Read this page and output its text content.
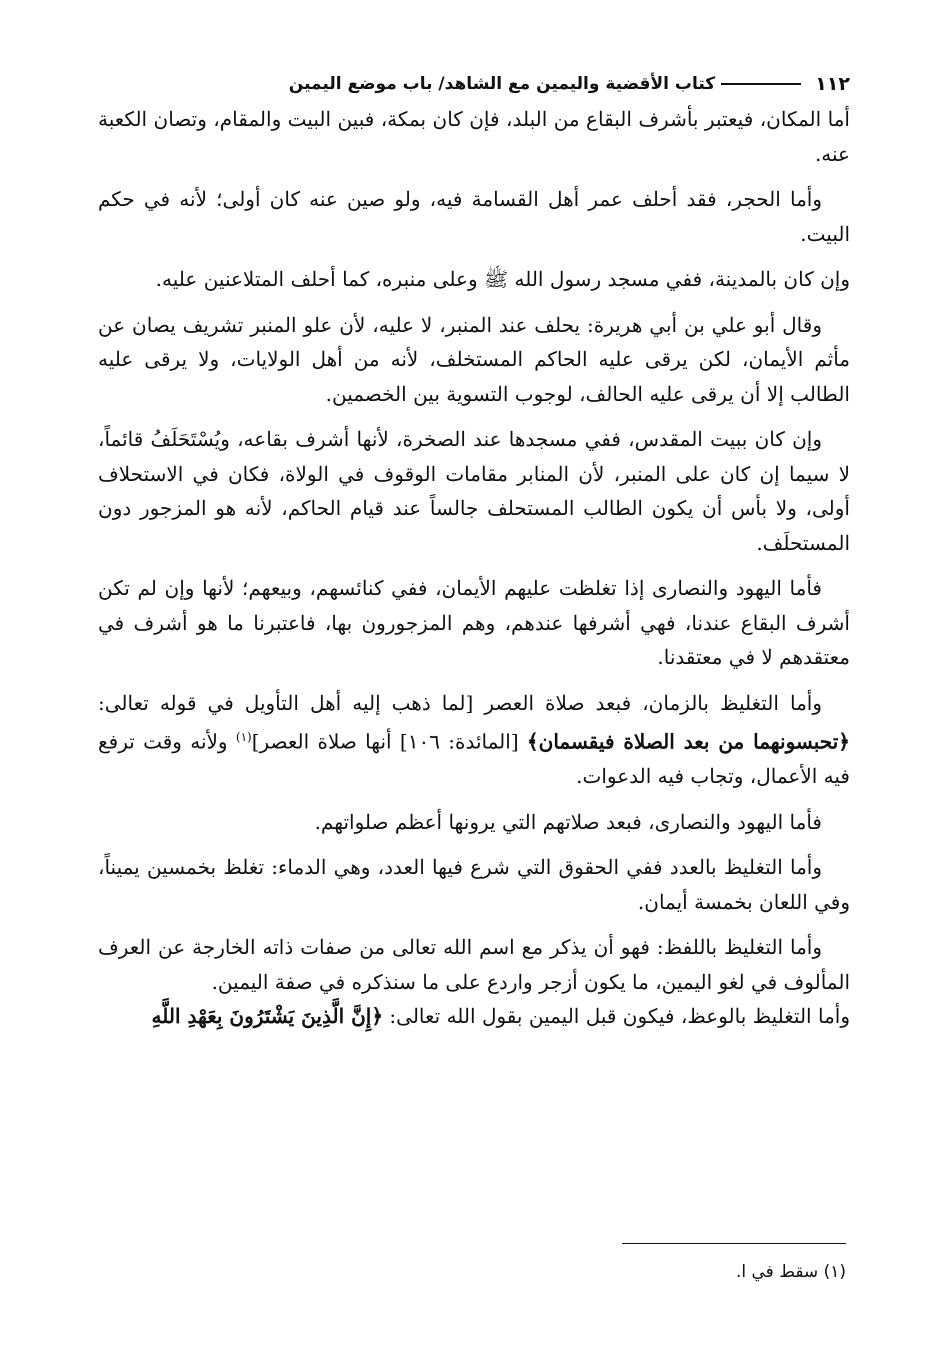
١١٢
كتاب الأقضية واليمين مع الشاهد/ باب موضع اليمين

أما المكان، فيعتبر بأشرف البقاع من البلد، فإن كان بمكة، فبين البيت والمقام، وتصان الكعبة عنه.

وأما الحجر، فقد أحلف عمر أهل القسامة فيه، ولو صين عنه كان أولى؛ لأنه في حكم البيت.

وإن كان بالمدينة، ففي مسجد رسول الله ﷺ وعلى منبره، كما أحلف المتلاعنين عليه.

وقال أبو علي بن أبي هريرة: يحلف عند المنبر، لا عليه، لأن علو المنبر تشريف يصان عن مأثم الأيمان، لكن يرقى عليه الحاكم المستخلف، لأنه من أهل الولايات، ولا يرقى عليه الطالب إلا أن يرقى عليه الحالف، لوجوب التسوية بين الخصمين.

وإن كان ببيت المقدس، ففي مسجدها عند الصخرة، لأنها أشرف بقاعه، ويُسْتَحَلَفُ قائماً، لا سيما إن كان على المنبر، لأن المنابر مقامات الوقوف في الولاة، فكان في الاستحلاف أولى، ولا بأس أن يكون الطالب المستحلف جالساً عند قيام الحاكم، لأنه هو المزجور دون المستحلَف.

فأما اليهود والنصارى إذا تغلظت عليهم الأيمان، ففي كنائسهم، وبيعهم؛ لأنها وإن لم تكن أشرف البقاع عندنا، فهي أشرفها عندهم، وهم المزجورون بها، فاعتبرنا ما هو أشرف في معتقدهم لا في معتقدنا.

وأما التغليظ بالزمان، فبعد صلاة العصر [لما ذهب إليه أهل التأويل في قوله تعالى: ﴿تحبسونهما من بعد الصلاة فيقسمان﴾ [المائدة: ١٠٦] أنها صلاة العصر]$^{(١)}$ ولأنه وقت ترفع فيه الأعمال، وتجاب فيه الدعوات.

فأما اليهود والنصارى، فبعد صلاتهم التي يرونها أعظم صلواتهم.

وأما التغليظ بالعدد ففي الحقوق التي شرع فيها العدد، وهي الدماء: تغلظ بخمسين يميناً، وفي اللعان بخمسة أيمان.

وأما التغليظ باللفظ: فهو أن يذكر مع اسم الله تعالى من صفات ذاته الخارجة عن العرف المألوف في لغو اليمين، ما يكون أزجر واردع على ما سنذكره في صفة اليمين.

وأما التغليظ بالوعظ، فيكون قبل اليمين بقول الله تعالى: ﴿إِنَّ الَّذِينَ يَشْتَرُونَ بِعَهْدِ اللَّهِ

(١) سقط في ا.
